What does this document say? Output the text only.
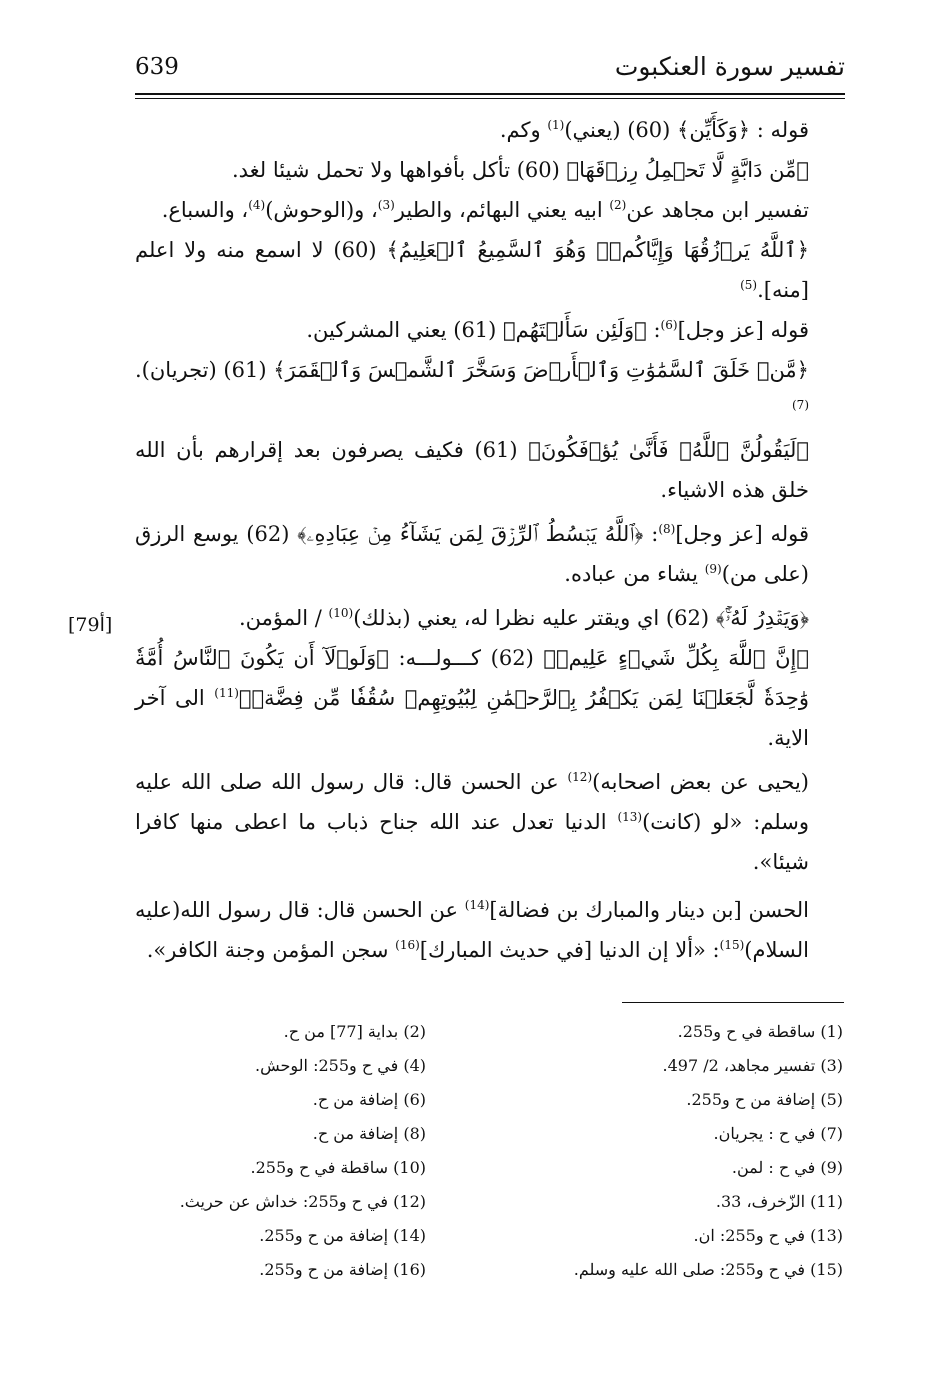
تفسير سورة العنكبوت
639
[79أ]

قوله : ﴿وَكَأَيِّن﴾ (60) (يعني)$^{(1)}$ وكم.

﴿مِّن دَابَّةٍ لَّا تَحۡمِلُ رِزۡقَهَا﴾ (60) تأكل بأفواهها ولا تحمل شيئا لغد.

تفسير ابن مجاهد عن$^{(2)}$ ابيه يعني البهائم، والطير$^{(3)}$، و(الوحوش)$^{(4)}$، والسباع.

﴿ٱللَّهُ يَرۡزُقُهَا وَإِيَّاكُمۡۚ وَهُوَ ٱلسَّمِيعُ ٱلۡعَلِيمُ﴾ (60) لا اسمع منه ولا اعلم [منه].$^{(5)}$

قوله [عز وجل]$^{(6)}$: ﴿وَلَئِن سَأَلۡتَهُم﴾ (61) يعني المشركين.

﴿مَّنۡ خَلَقَ ٱلسَّمَٰوَٰتِ وَٱلۡأَرۡضَ وَسَخَّرَ ٱلشَّمۡسَ وَٱلۡقَمَرَ﴾ (61) (تجريان).$^{(7)}$

﴿لَيَقُولُنَّ ٱللَّهُۖ فَأَنَّىٰ يُؤۡفَكُونَ﴾ (61) فكيف يصرفون بعد إقرارهم بأن الله خلق هذه الاشياء.

قوله [عز وجل]$^{(8)}$: ﴿ٱللَّهُ يَبۡسُطُ ٱلرِّزۡقَ لِمَن يَشَآءُ مِنۡ عِبَادِهِۦ﴾ (62) يوسع الرزق (على من)$^{(9)}$ يشاء من عباده.

﴿وَيَقۡدِرُ لَهُۥٓۚ﴾ (62) اي ويقتر عليه نظرا له، يعني (بذلك)$^{(10)}$ / المؤمن.

﴿إِنَّ ٱللَّهَ بِكُلِّ شَيۡءٍ عَلِيمٞ﴾ (62) كـــولـــه: ﴿وَلَوۡلَآ أَن يَكُونَ ٱلنَّاسُ أُمَّةٗ وَٰحِدَةٗ لَّجَعَلۡنَا لِمَن يَكۡفُرُ بِٱلرَّحۡمَٰنِ لِبُيُوتِهِمۡ سُقُفٗا مِّن فِضَّةٖ﴾$^{(11)}$ الى آخر الاية.

(يحيى عن بعض اصحابه)$^{(12)}$ عن الحسن قال: قال رسول الله صلى الله عليه وسلم: «لو (كانت)$^{(13)}$ الدنيا تعدل عند الله جناح ذباب ما اعطى منها كافرا شيئا».

الحسن [بن دينار والمبارك بن فضالة]$^{(14)}$ عن الحسن قال: قال رسول الله(عليه السلام)$^{(15)}$: «ألا إن الدنيا [في حديث المبارك]$^{(16)}$ سجن المؤمن وجنة الكافر».

(1) ساقطة في ح و255.
(2) بداية [77] من ح.
(3) تفسير مجاهد، 2/ 497.
(4) في ح و255: الوحش.
(5) إضافة من ح و255.
(6) إضافة من ح.
(7) في ح : يجريان.
(8) إضافة من ح.
(9) في ح : لمن.
(10) ساقطة في ح و255.
(11) الزّخرف، 33.
(12) في ح و255: خداش عن حريث.
(13) في ح و255: ان.
(14) إضافة من ح و255.
(15) في ح و255: صلى الله عليه وسلم.
(16) إضافة من ح و255.
